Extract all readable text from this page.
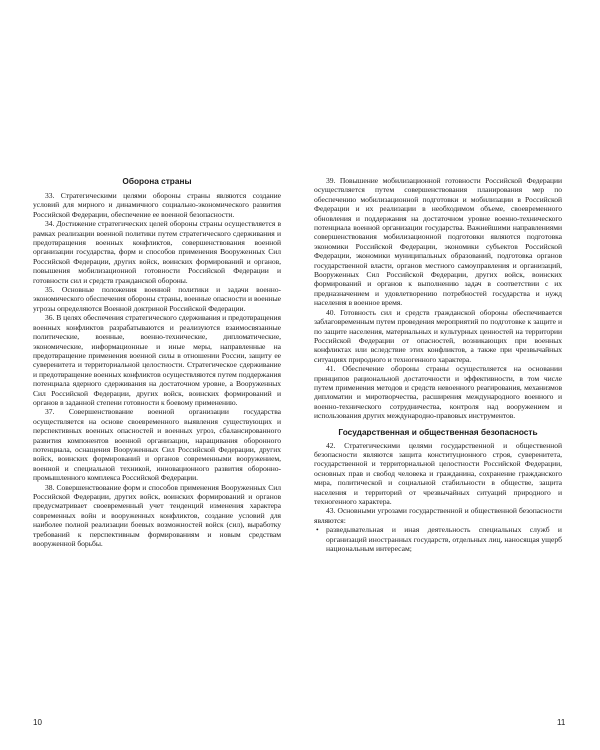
Оборона страны

33. Стратегическими целями обороны страны являются создание условий для мирного и динамичного социально-экономического развития Российской Федерации, обеспечение ее военной безопасности.

34. Достижение стратегических целей обороны страны осуществляется в рамках реализации военной политики путем стратегического сдерживания и предотвращения военных конфликтов, совершенствования военной организации государства, форм и способов применения Вооруженных Сил Российской Федерации, других войск, воинских формирований и органов, повышения мобилизационной готовности Российской Федерации и готовности сил и средств гражданской обороны.

35. Основные положения военной политики и задачи военно-экономического обеспечения обороны страны, военные опасности и военные угрозы определяются Военной доктриной Российской Федерации.

36. В целях обеспечения стратегического сдерживания и предотвращения военных конфликтов разрабатываются и реализуются взаимосвязанные политические, военные, военно-технические, дипломатические, экономические, информационные и иные меры, направленные на предотвращение применения военной силы в отношении России, защиту ее суверенитета и территориальной целостности. Стратегическое сдерживание и предотвращение военных конфликтов осуществляются путем поддержания потенциала ядерного сдерживания на достаточном уровне, а Вооруженных Сил Российской Федерации, других войск, воинских формирований и органов в заданной степени готовности к боевому применению.

37. Совершенствование военной организации государства осуществляется на основе своевременного выявления существующих и перспективных военных опасностей и военных угроз, сбалансированного развития компонентов военной организации, наращивания оборонного потенциала, оснащения Вооруженных Сил Российской Федерации, других войск, воинских формирований и органов современными вооружением, военной и специальной техникой, инновационного развития оборонно-промышленного комплекса Российской Федерации.

38. Совершенствование форм и способов применения Вооруженных Сил Российской Федерации, других войск, воинских формирований и органов предусматривает своевременный учет тенденций изменения характера современных войн и вооруженных конфликтов, создание условий для наиболее полной реализации боевых возможностей войск (сил), выработку требований к перспективным формированиям и новым средствам вооруженной борьбы.

39. Повышение мобилизационной готовности Российской Федерации осуществляется путем совершенствования планирования мер по обеспечению мобилизационной подготовки и мобилизации в Российской Федерации и их реализации в необходимом объеме, своевременного обновления и поддержания на достаточном уровне военно-технического потенциала военной организации государства. Важнейшими направлениями совершенствования мобилизационной подготовки являются подготовка экономики Российской Федерации, экономики субъектов Российской Федерации, экономики муниципальных образований, подготовка органов государственной власти, органов местного самоуправления и организаций, Вооруженных Сил Российской Федерации, других войск, воинских формирований и органов к выполнению задач в соответствии с их предназначением и удовлетворению потребностей государства и нужд населения в военное время.

40. Готовность сил и средств гражданской обороны обеспечивается заблаговременным путем проведения мероприятий по подготовке к защите и по защите населения, материальных и культурных ценностей на территории Российской Федерации от опасностей, возникающих при военных конфликтах или вследствие этих конфликтов, а также при чрезвычайных ситуациях природного и техногенного характера.

41. Обеспечение обороны страны осуществляется на основании принципов рациональной достаточности и эффективности, в том числе путем применения методов и средств невоенного реагирования, механизмов дипломатии и миротворчества, расширения международного военного и военно-технического сотрудничества, контроля над вооружением и использования других международно-правовых инструментов.

Государственная и общественная безопасность

42. Стратегическими целями государственной и общественной безопасности являются защита конституционного строя, суверенитета, государственной и территориальной целостности Российской Федерации, основных прав и свобод человека и гражданина, сохранение гражданского мира, политической и социальной стабильности в обществе, защита населения и территорий от чрезвычайных ситуаций природного и техногенного характера.

43. Основными угрозами государственной и общественной безопасности являются:

• разведывательная и иная деятельность специальных служб и организаций иностранных государств, отдельных лиц, наносящая ущерб национальным интересам;
10	11
